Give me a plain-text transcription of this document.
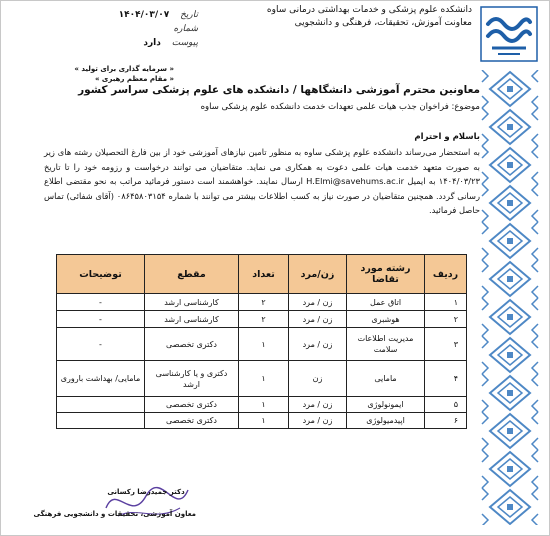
دانشکده علوم پزشکی و خدمات بهداشتی درمانی ساوه
معاونت آموزش، تحقیقات، فرهنگی و دانشجویی
تاریخ ۱۴۰۴/۰۳/۰۷
شماره
پیوست دارد
« سرمایه گذاری برای تولید »
« مقام معظم رهبری »
معاونین محترم آموزشی دانشگاهها / دانشکده های علوم پزشکی سراسر کشور
موضوع: فراخوان جذب هیات علمی تعهدات خدمت دانشکده علوم پزشکی ساوه
باسلام و احترام
به استحضار می‌رساند دانشکده علوم پزشکی ساوه به منظور تامین نیازهای آموزشی خود از بین فارغ التحصیلان رشته های زیر به صورت متعهد خدمت هیات علمی دعوت به همکاری می نماید. متقاضیان می توانند درخواست و رزومه خود را تا تاریخ ۱۴۰۴/۰۳/۲۳ به ایمیل H.Elmi@savehums.ac.ir ارسال نمایند. خواهشمند است دستور فرمائید مراتب به نحو مقتضی اطلاع رسانی گردد. همچنین متقاضیان در صورت نیاز به کسب اطلاعات بیشتر می توانند با شماره ۰۸۶۴۵۸۰۳۱۵۴ (آقای شفائی) تماس حاصل فرمائید.
ردیف	رشته مورد تقاضا	زن/مرد	تعداد	مقطع	توضیحات
۱	اتاق عمل	زن / مرد	۲	کارشناسی ارشد	-
۲	هوشبری	زن / مرد	۲	کارشناسی ارشد	-
۳	مدیریت اطلاعات سلامت	زن / مرد	۱	دکتری تخصصی	-
۴	مامایی	زن	۱	دکتری و یا کارشناسی ارشد	مامایی/ بهداشت باروری
۵	ایمونولوژی	زن / مرد	۱	دکتری تخصصی	
۶	اپیدمیولوژی	زن / مرد	۱	دکتری تخصصی	
دکتر جمیدرضا رکسانی
معاون آموزشی، تحقیقات و دانشجویی فرهنگی
